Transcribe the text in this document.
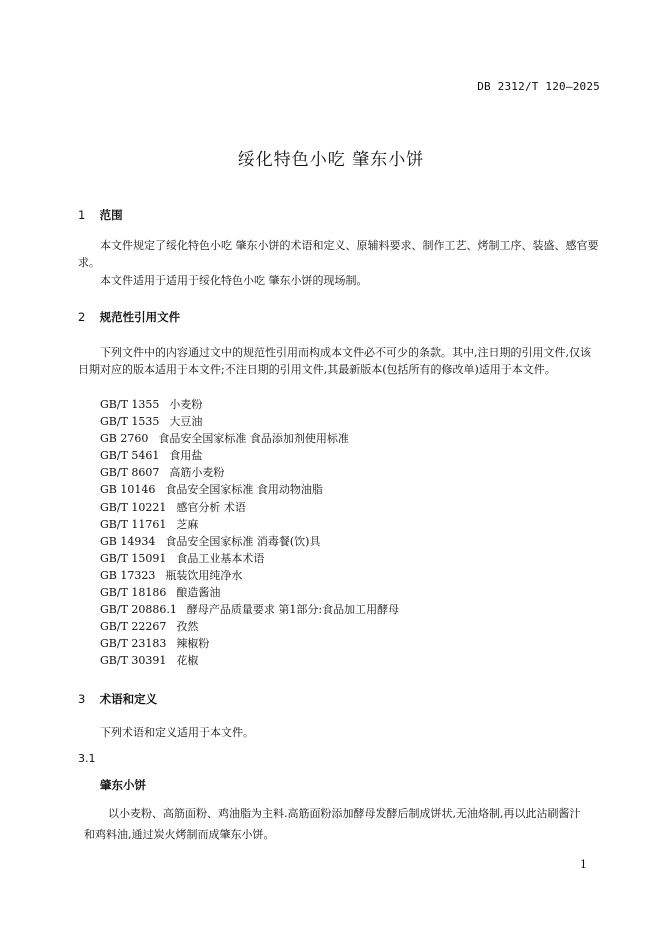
DB 2312/T 120—2025
绥化特色小吃 肇东小饼
1 范围
本文件规定了绥化特色小吃 肇东小饼的术语和定义、原辅料要求、制作工艺、烤制工序、装盛、感官要求。
本文件适用于适用于绥化特色小吃 肇东小饼的现场制。
2 规范性引用文件
下列文件中的内容通过文中的规范性引用而构成本文件必不可少的条款。其中,注日期的引用文件,仅该日期对应的版本适用于本文件;不注日期的引用文件,其最新版本(包括所有的修改单)适用于本文件。
GB/T 1355 小麦粉
GB/T 1535 大豆油
GB 2760 食品安全国家标准 食品添加剂使用标准
GB/T 5461 食用盐
GB/T 8607 高筋小麦粉
GB 10146 食品安全国家标准 食用动物油脂
GB/T 10221 感官分析 术语
GB/T 11761 芝麻
GB 14934 食品安全国家标准 消毒餐(饮)具
GB/T 15091 食品工业基本术语
GB 17323 瓶装饮用纯净水
GB/T 18186 酿造酱油
GB/T 20886.1 酵母产品质量要求 第1部分:食品加工用酵母
GB/T 22267 孜然
GB/T 23183 辣椒粉
GB/T 30391 花椒
3 术语和定义
下列术语和定义适用于本文件。
3.1
肇东小饼
以小麦粉、高筋面粉、鸡油脂为主料.高筋面粉添加酵母发酵后制成饼状,无油烙制,再以此沾刷酱汁和鸡料油,通过炭火烤制而成肇东小饼。
1
